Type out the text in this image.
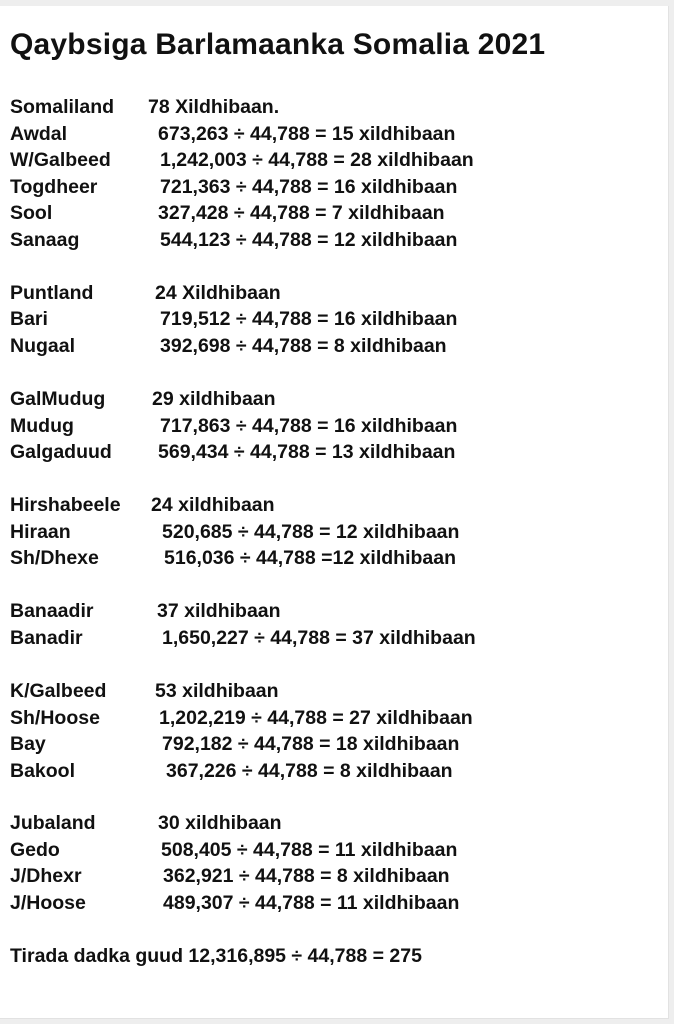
Qaybsiga Barlamaanka Somalia 2021
Somaliland 78 Xildhibaan.
Awdal	673,263 ÷ 44,788 = 15 xildhibaan
W/Galbeed	1,242,003 ÷ 44,788 = 28 xildhibaan
Togdheer	721,363 ÷ 44,788 = 16 xildhibaan
Sool	327,428 ÷ 44,788 = 7 xildhibaan
Sanaag	544,123 ÷ 44,788 = 12 xildhibaan
Puntland	24 Xildhibaan
Bari	719,512 ÷ 44,788 = 16 xildhibaan
Nugaal	392,698 ÷ 44,788 = 8 xildhibaan
GalMudug 29 xildhibaan
Mudug	717,863 ÷ 44,788 = 16 xildhibaan
Galgaduud 569,434 ÷ 44,788 = 13 xildhibaan
Hirshabeele 24 xildhibaan
Hiraan	520,685 ÷ 44,788 = 12 xildhibaan
Sh/Dhexe	516,036 ÷ 44,788 =12 xildhibaan
Banaadir	37 xildhibaan
Banadir	1,650,227 ÷ 44,788 = 37 xildhibaan
K/Galbeed 53 xildhibaan
Sh/Hoose	1,202,219 ÷ 44,788 = 27 xildhibaan
Bay	792,182 ÷ 44,788 = 18 xildhibaan
Bakool	367,226 ÷ 44,788 = 8 xildhibaan
Jubaland	30 xildhibaan
Gedo	508,405 ÷ 44,788 = 11 xildhibaan
J/Dhexr	362,921 ÷ 44,788 = 8 xildhibaan
J/Hoose	489,307 ÷ 44,788 = 11 xildhibaan
Tirada dadka guud 12,316,895 ÷ 44,788 = 275
